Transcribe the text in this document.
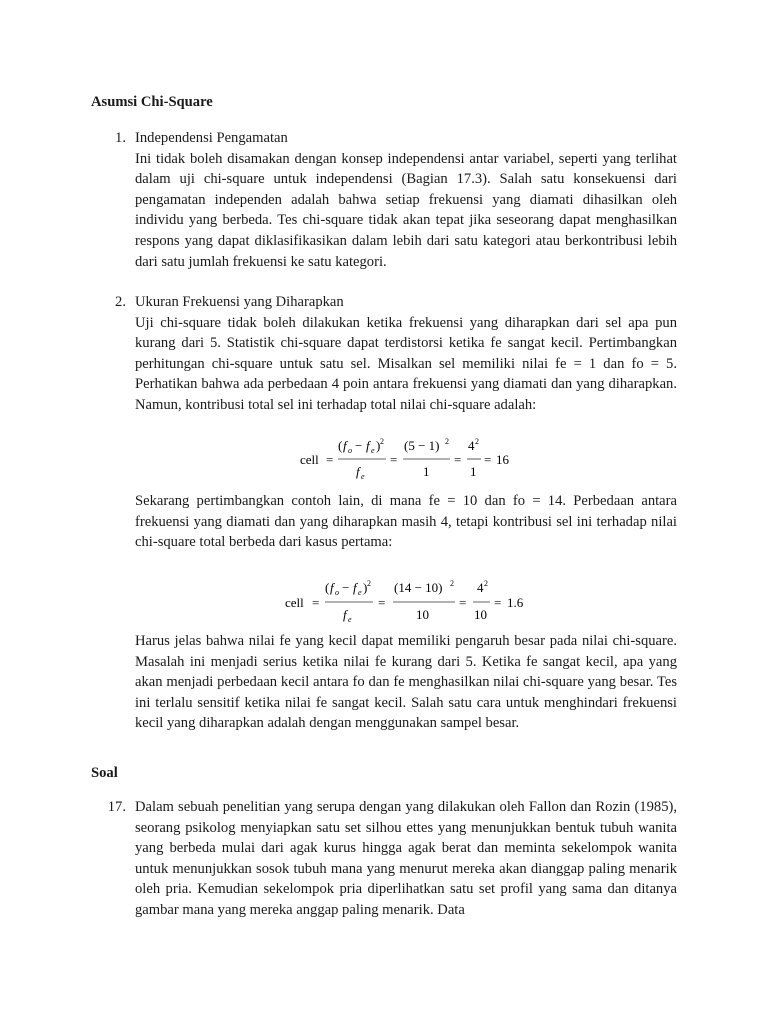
Asumsi Chi-Square
1. Independensi Pengamatan

Ini tidak boleh disamakan dengan konsep independensi antar variabel, seperti yang terlihat dalam uji chi-square untuk independensi (Bagian 17.3). Salah satu konsekuensi dari pengamatan independen adalah bahwa setiap frekuensi yang diamati dihasilkan oleh individu yang berbeda. Tes chi-square tidak akan tepat jika seseorang dapat menghasilkan respons yang dapat diklasifikasikan dalam lebih dari satu kategori atau berkontribusi lebih dari satu jumlah frekuensi ke satu kategori.

2. Ukuran Frekuensi yang Diharapkan

Uji chi-square tidak boleh dilakukan ketika frekuensi yang diharapkan dari sel apa pun kurang dari 5. Statistik chi-square dapat terdistorsi ketika fe sangat kecil. Pertimbangkan perhitungan chi-square untuk satu sel. Misalkan sel memiliki nilai fe = 1 dan fo = 5. Perhatikan bahwa ada perbedaan 4 poin antara frekuensi yang diamati dan yang diharapkan. Namun, kontribusi total sel ini terhadap total nilai chi-square adalah:

cell =
( f o − f e ) 2
f e
=
(5 − 1) 2
1
=
4 2
1
= 16

Sekarang pertimbangkan contoh lain, di mana fe = 10 dan fo = 14. Perbedaan antara frekuensi yang diamati dan yang diharapkan masih 4, tetapi kontribusi sel ini terhadap nilai chi-square total berbeda dari kasus pertama:

cell =
( f o − f e ) 2
f e
=
(14 − 10) 2
10
=
4 2
10
= 1.6

Harus jelas bahwa nilai fe yang kecil dapat memiliki pengaruh besar pada nilai chi-square. Masalah ini menjadi serius ketika nilai fe kurang dari 5. Ketika fe sangat kecil, apa yang akan menjadi perbedaan kecil antara fo dan fe menghasilkan nilai chi-square yang besar. Tes ini terlalu sensitif ketika nilai fe sangat kecil. Salah satu cara untuk menghindari frekuensi kecil yang diharapkan adalah dengan menggunakan sampel besar.

Soal
17. Dalam sebuah penelitian yang serupa dengan yang dilakukan oleh Fallon dan Rozin (1985), seorang psikolog menyiapkan satu set silhou ettes yang menunjukkan bentuk tubuh wanita yang berbeda mulai dari agak kurus hingga agak berat dan meminta sekelompok wanita untuk menunjukkan sosok tubuh mana yang menurut mereka akan dianggap paling menarik oleh pria. Kemudian sekelompok pria diperlihatkan satu set profil yang sama dan ditanya gambar mana yang mereka anggap paling menarik. Data
